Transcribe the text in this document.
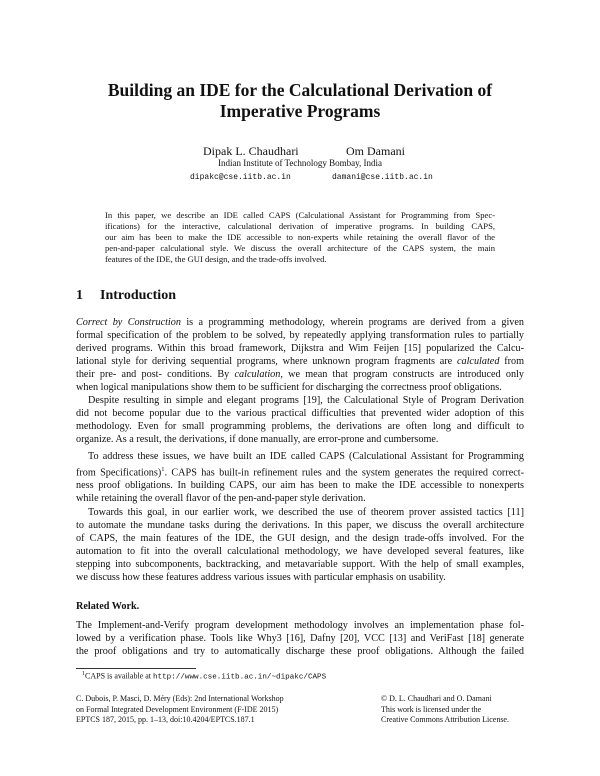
Building an IDE for the Calculational Derivation of
Imperative Programs
Dipak L. Chaudhari	Om Damani
Indian Institute of Technology Bombay, India
dipakc@cse.iitb.ac.in	damani@cse.iitb.ac.in
In this paper, we describe an IDE called CAPS (Calculational Assistant for Programming from Spec-
ifications) for the interactive, calculational derivation of imperative programs. In building CAPS,
our aim has been to make the IDE accessible to non-experts while retaining the overall flavor of the
pen-and-paper calculational style. We discuss the overall architecture of the CAPS system, the main
features of the IDE, the GUI design, and the trade-offs involved.
1 Introduction
Correct by Construction is a programming methodology, wherein programs are derived from a given
formal specification of the problem to be solved, by repeatedly applying transformation rules to partially
derived programs. Within this broad framework, Dijkstra and Wim Feijen [15] popularized the Calcu-
lational style for deriving sequential programs, where unknown program fragments are calculated from
their pre- and post- conditions. By calculation, we mean that program constructs are introduced only
when logical manipulations show them to be sufficient for discharging the correctness proof obligations.
Despite resulting in simple and elegant programs [19], the Calculational Style of Program Derivation
did not become popular due to the various practical difficulties that prevented wider adoption of this
methodology. Even for small programming problems, the derivations are often long and difficult to
organize. As a result, the derivations, if done manually, are error-prone and cumbersome.
To address these issues, we have built an IDE called CAPS (Calculational Assistant for Programming
from Specifications)$^1$. CAPS has built-in refinement rules and the system generates the required correct-
ness proof obligations. In building CAPS, our aim has been to make the IDE accessible to nonexperts
while retaining the overall flavor of the pen-and-paper style derivation.
Towards this goal, in our earlier work, we described the use of theorem prover assisted tactics [11]
to automate the mundane tasks during the derivations. In this paper, we discuss the overall architecture
of CAPS, the main features of the IDE, the GUI design, and the design trade-offs involved. For the
automation to fit into the overall calculational methodology, we have developed several features, like
stepping into subcomponents, backtracking, and metavariable support. With the help of small examples,
we discuss how these features address various issues with particular emphasis on usability.
Related Work.
The Implement-and-Verify program development methodology involves an implementation phase fol-
lowed by a verification phase. Tools like Why3 [16], Dafny [20], VCC [13] and VeriFast [18] generate
the proof obligations and try to automatically discharge these proof obligations. Although the failed
$^1$CAPS is available at http://www.cse.iitb.ac.in/~dipakc/CAPS
C. Dubois, P. Masci, D. Méry (Eds): 2nd International Workshop
on Formal Integrated Development Environment (F-IDE 2015)
EPTCS 187, 2015, pp. 1–13, doi:10.4204/EPTCS.187.1
© D. L. Chaudhari and O. Damani
This work is licensed under the
Creative Commons Attribution License.
